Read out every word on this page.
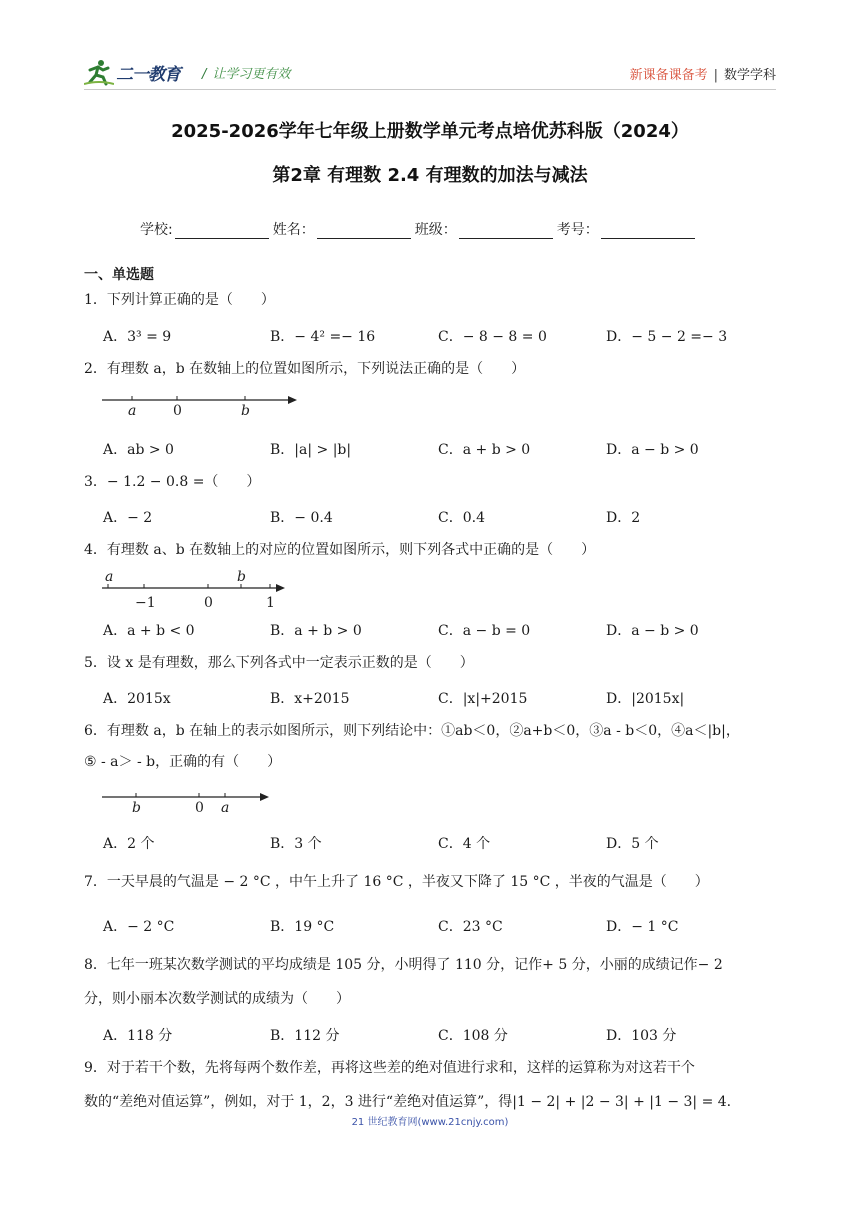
二一教育 / 让学习更有效	新课备课备考 | 数学学科
2025-2026学年七年级上册数学单元考点培优苏科版（2024）
第2章 有理数 2.4 有理数的加法与减法
学校:	姓名：	班级：	考号：
一、单选题
1．下列计算正确的是（　　）
A．3³ = 9	B．− 4² =− 16	C．− 8 − 8 = 0	D．− 5 − 2 =− 3
2．有理数 a，b 在数轴上的位置如图所示，下列说法正确的是（　　）
a	0	b
A．ab > 0	B．|a| > |b|	C．a + b > 0	D．a − b > 0
3．− 1.2 − 0.8 =（　　）
A．− 2	B．− 0.4	C．0.4	D．2
4．有理数 a、b 在数轴上的对应的位置如图所示，则下列各式中正确的是（　　）
a	b
−1	0	1
A．a + b < 0	B．a + b > 0	C．a − b = 0	D．a − b > 0
5．设 x 是有理数，那么下列各式中一定表示正数的是（　　）
A．2015x	B．x+2015	C．|x|+2015	D．|2015x|
6．有理数 a，b 在轴上的表示如图所示，则下列结论中：①ab＜0，②a+b＜0，③a - b＜0，④a＜|b|，
⑤ - a＞ - b，正确的有（　　）
b	0 a
A．2 个	B．3 个	C．4 个	D．5 个
7．一天早晨的气温是 − 2 °C ，中午上升了 16 °C ，半夜又下降了 15 °C ，半夜的气温是（　　）
A．− 2 °C	B．19 °C	C．23 °C	D．− 1 °C
8．七年一班某次数学测试的平均成绩是 105 分，小明得了 110 分，记作+ 5 分，小丽的成绩记作− 2
分，则小丽本次数学测试的成绩为（　　）
A．118 分	B．112 分	C．108 分	D．103 分
9．对于若干个数，先将每两个数作差，再将这些差的绝对值进行求和，这样的运算称为对这若干个
数的“差绝对值运算”，例如，对于 1，2，3 进行“差绝对值运算”，得|1 − 2| + |2 − 3| + |1 − 3| = 4.
21 世纪教育网(www.21cnjy.com)
